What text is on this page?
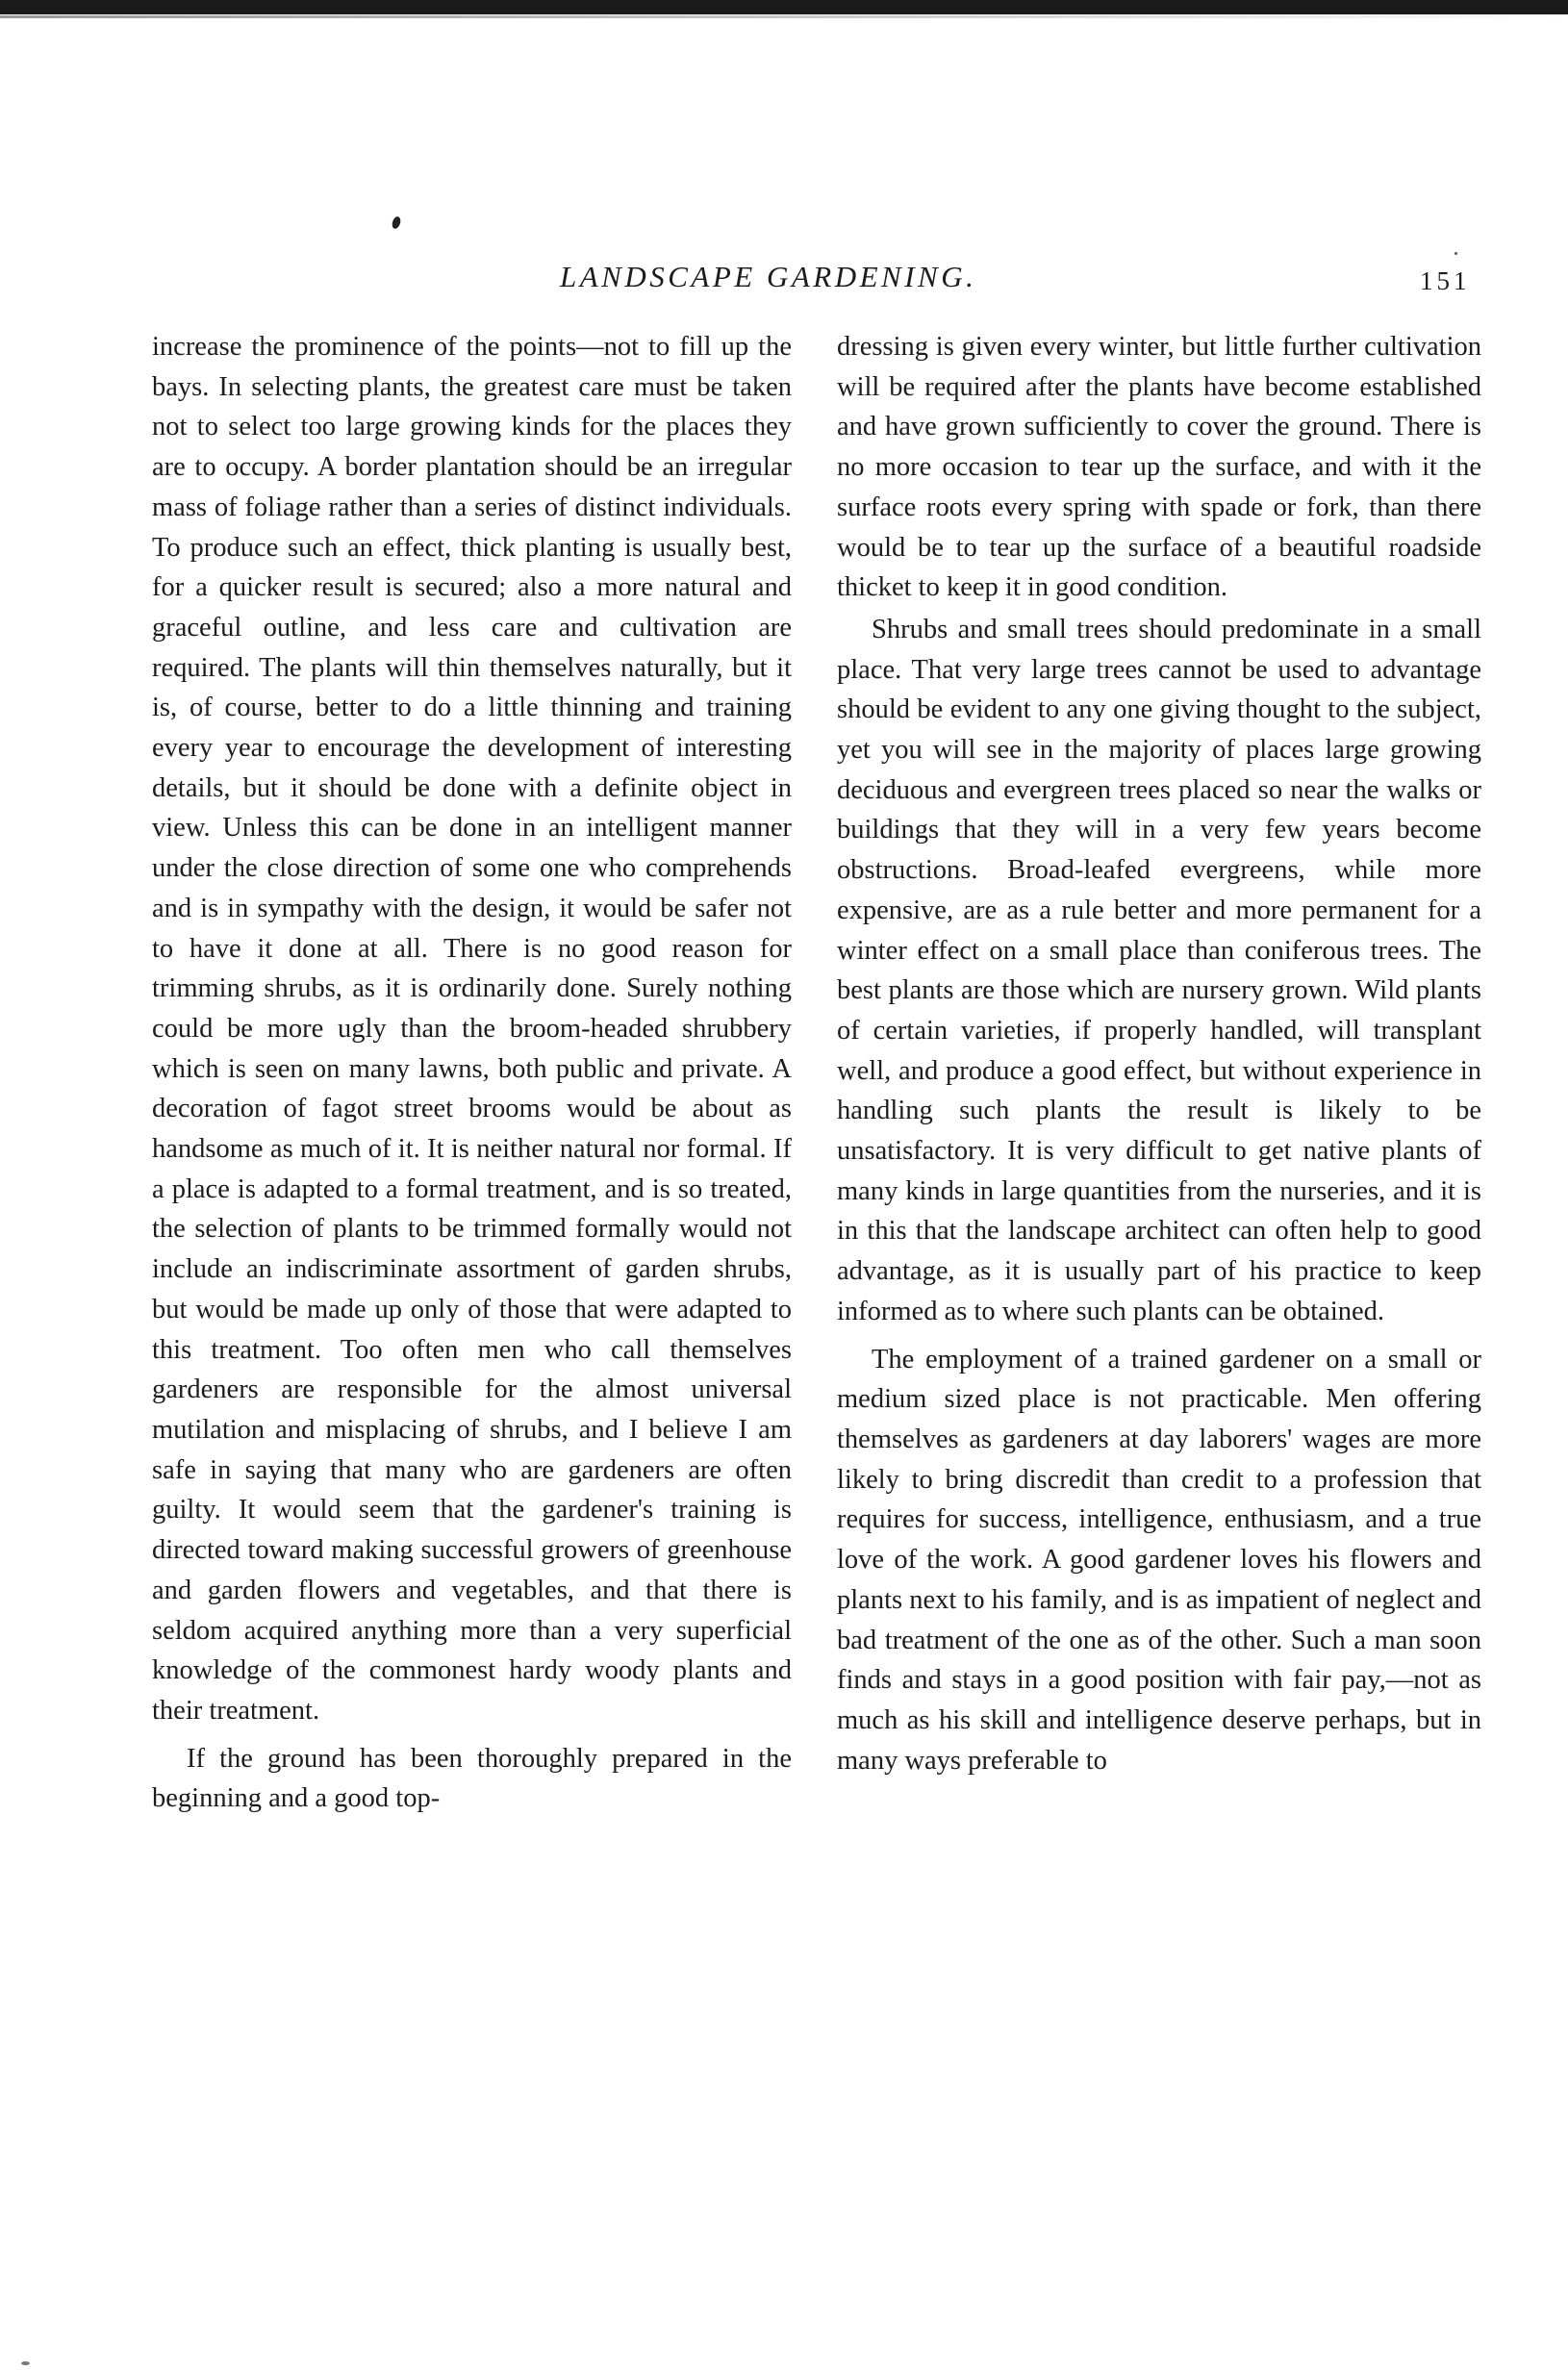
LANDSCAPE GARDENING.	151

increase the prominence of the points—not to fill up the bays. In selecting plants, the greatest care must be taken not to select too large growing kinds for the places they are to occupy. A border plantation should be an irregular mass of foliage rather than a series of distinct individuals. To produce such an effect, thick planting is usually best, for a quicker result is secured; also a more natural and graceful outline, and less care and cultivation are required. The plants will thin themselves naturally, but it is, of course, better to do a little thinning and training every year to encourage the development of interesting details, but it should be done with a definite object in view. Unless this can be done in an intelligent manner under the close direction of some one who comprehends and is in sympathy with the design, it would be safer not to have it done at all. There is no good reason for trimming shrubs, as it is ordinarily done. Surely nothing could be more ugly than the broom-headed shrubbery which is seen on many lawns, both public and private. A decoration of fagot street brooms would be about as handsome as much of it. It is neither natural nor formal. If a place is adapted to a formal treatment, and is so treated, the selection of plants to be trimmed formally would not include an indiscriminate assortment of garden shrubs, but would be made up only of those that were adapted to this treatment. Too often men who call themselves gardeners are responsible for the almost universal mutilation and misplacing of shrubs, and I believe I am safe in saying that many who are gardeners are often guilty. It would seem that the gardener's training is directed toward making successful growers of greenhouse and garden flowers and vegetables, and that there is seldom acquired anything more than a very superficial knowledge of the commonest hardy woody plants and their treatment.

If the ground has been thoroughly prepared in the beginning and a good top-

dressing is given every winter, but little further cultivation will be required after the plants have become established and have grown sufficiently to cover the ground. There is no more occasion to tear up the surface, and with it the surface roots every spring with spade or fork, than there would be to tear up the surface of a beautiful roadside thicket to keep it in good condition.

Shrubs and small trees should predominate in a small place. That very large trees cannot be used to advantage should be evident to any one giving thought to the subject, yet you will see in the majority of places large growing deciduous and evergreen trees placed so near the walks or buildings that they will in a very few years become obstructions. Broad-leafed evergreens, while more expensive, are as a rule better and more permanent for a winter effect on a small place than coniferous trees. The best plants are those which are nursery grown. Wild plants of certain varieties, if properly handled, will transplant well, and produce a good effect, but without experience in handling such plants the result is likely to be unsatisfactory. It is very difficult to get native plants of many kinds in large quantities from the nurseries, and it is in this that the landscape architect can often help to good advantage, as it is usually part of his practice to keep informed as to where such plants can be obtained.

The employment of a trained gardener on a small or medium sized place is not practicable. Men offering themselves as gardeners at day laborers' wages are more likely to bring discredit than credit to a profession that requires for success, intelligence, enthusiasm, and a true love of the work. A good gardener loves his flowers and plants next to his family, and is as impatient of neglect and bad treatment of the one as of the other. Such a man soon finds and stays in a good position with fair pay,—not as much as his skill and intelligence deserve perhaps, but in many ways preferable to
